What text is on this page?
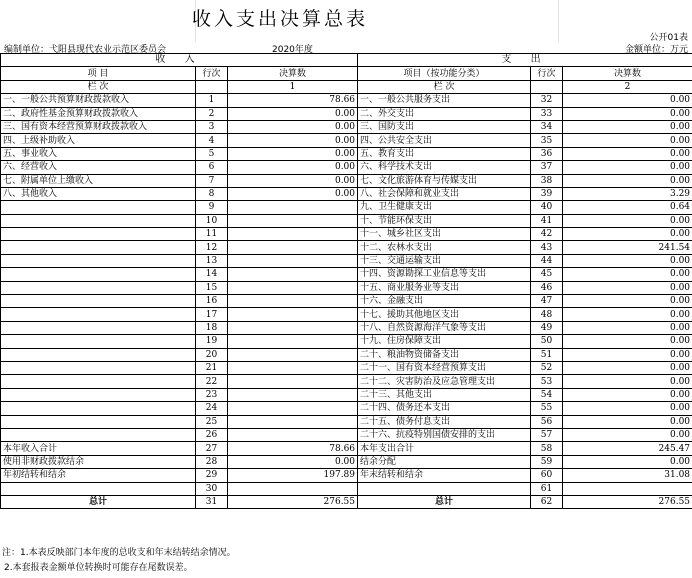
收入支出决算总表
公开01表
编制单位：弋阳县现代农业示范区委员会	2020年度	金额单位：万元
收 入			支 出		
项 目	行次	决算数	项目（按功能分类）	行次	决算数
栏 次		1	栏 次		2
一、一般公共预算财政拨款收入	1	78.66	一、一般公共服务支出	32	0.00
二、政府性基金预算财政拨款收入	2	0.00	二、外交支出	33	0.00
三、国有资本经营预算财政拨款收入	3	0.00	三、国防支出	34	0.00
四、上级补助收入	4	0.00	四、公共安全支出	35	0.00
五、事业收入	5	0.00	五、教育支出	36	0.00
六、经营收入	6	0.00	六、科学技术支出	37	0.00
七、附属单位上缴收入	7	0.00	七、文化旅游体育与传媒支出	38	0.00
八、其他收入	8	0.00	八、社会保障和就业支出	39	3.29
	9		九、卫生健康支出	40	0.64
	10		十、节能环保支出	41	0.00
	11		十一、城乡社区支出	42	0.00
	12		十二、农林水支出	43	241.54
	13		十三、交通运输支出	44	0.00
	14		十四、资源勘探工业信息等支出	45	0.00
	15		十五、商业服务业等支出	46	0.00
	16		十六、金融支出	47	0.00
	17		十七、援助其他地区支出	48	0.00
	18		十八、自然资源海洋气象等支出	49	0.00
	19		十九、住房保障支出	50	0.00
	20		二十、粮油物资储备支出	51	0.00
	21		二十一、国有资本经营预算支出	52	0.00
	22		二十二、灾害防治及应急管理支出	53	0.00
	23		二十三、其他支出	54	0.00
	24		二十四、债务还本支出	55	0.00
	25		二十五、债务付息支出	56	0.00
	26		二十六、抗疫特别国债安排的支出	57	0.00
本年收入合计	27	78.66	本年支出合计	58	245.47
使用非财政拨款结余	28	0.00	结余分配	59	0.00
年初结转和结余	29	197.89	年末结转和结余	60	31.08
	30			61	
总计	31	276.55	总计	62	276.55
注：1.本表反映部门本年度的总收支和年末结转结余情况。
2.本套报表金额单位转换时可能存在尾数误差。
